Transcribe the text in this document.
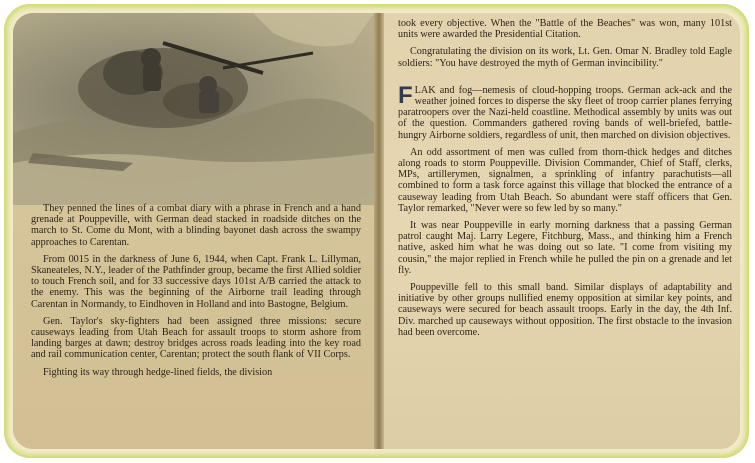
They penned the lines of a combat diary with a phrase in French and a hand grenade at Pouppeville, with German dead stacked in roadside ditches on the march to St. Come du Mont, with a blinding bayonet dash across the swampy approaches to Carentan.

From 0015 in the darkness of June 6, 1944, when Capt. Frank L. Lillyman, Skaneateles, N.Y., leader of the Pathfinder group, became the first Allied soldier to touch French soil, and for 33 successive days 101st A/B carried the attack to the enemy. This was the beginning of the Airborne trail leading through Carentan in Normandy, to Eindhoven in Holland and into Bastogne, Belgium.

Gen. Taylor's sky-fighters had been assigned three missions: secure causeways leading from Utah Beach for assault troops to storm ashore from landing barges at dawn; destroy bridges across roads leading into the key road and rail communication center, Carentan; protect the south flank of VII Corps.

Fighting its way through hedge-lined fields, the division

took every objective. When the "Battle of the Beaches" was won, many 101st units were awarded the Presidential Citation.

Congratulating the division on its work, Lt. Gen. Omar N. Bradley told Eagle soldiers: "You have destroyed the myth of German invincibility."

FLAK and fog—nemesis of cloud-hopping troops. German ack-ack and the weather joined forces to disperse the sky fleet of troop carrier planes ferrying paratroopers over the Nazi-held coastline. Methodical assembly by units was out of the question. Commanders gathered roving bands of well-briefed, battle-hungry Airborne soldiers, regardless of unit, then marched on division objectives.

An odd assortment of men was culled from thorn-thick hedges and ditches along roads to storm Pouppeville. Division Commander, Chief of Staff, clerks, MPs, artillerymen, signalmen, a sprinkling of infantry parachutists—all combined to form a task force against this village that blocked the entrance of a causeway leading from Utah Beach. So abundant were staff officers that Gen. Taylor remarked, "Never were so few led by so many."

It was near Pouppeville in early morning darkness that a passing German patrol caught Maj. Larry Legere, Fitchburg, Mass., and thinking him a French native, asked him what he was doing out so late. "I come from visiting my cousin," the major replied in French while he pulled the pin on a grenade and let fly.

Pouppeville fell to this small band. Similar displays of adaptability and initiative by other groups nullified enemy opposition at similar key points, and causeways were secured for beach assault troops. Early in the day, the 4th Inf. Div. marched up causeways without opposition. The first obstacle to the invasion had been overcome.
